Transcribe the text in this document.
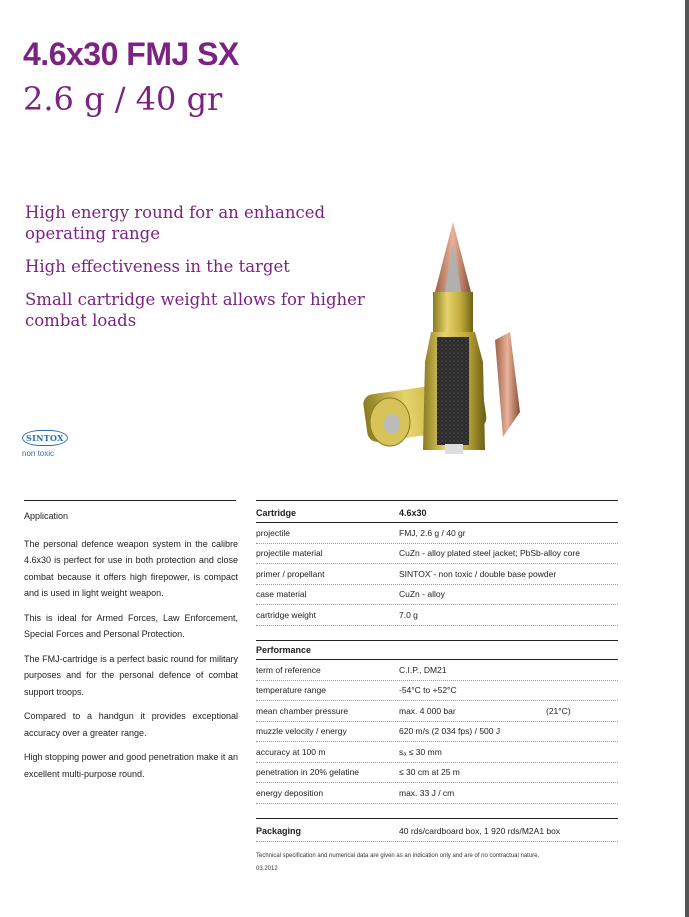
4.6x30 FMJ SX
2.6 g / 40 gr
High energy round for an enhanced operating range
High effectiveness in the target
Small cartridge weight allows for higher combat loads
SINTOX
non toxic
Application

The personal defence weapon system in the calibre 4.6x30 is perfect for use in both protection and close combat because it offers high firepower, is compact and is used in light weight weapon.

This is ideal for Armed Forces, Law Enforcement, Special Forces and Personal Protection.

The FMJ-cartridge is a perfect basic round for military purposes and for the personal defence of combat support troops.

Compared to a handgun it provides exceptional accuracy over a greater range.

High stopping power and good penetration make it an excellent multi-purpose round.

Cartridge	4.6x30
projectile	FMJ, 2.6 g / 40 gr
projectile material	CuZn - alloy plated steel jacket; PbSb-alloy core
primer / propellant	SINTOX´- non toxic / double base powder
case material	CuZn - alloy
cartridge weight	7.0 g
Performance
term of reference	C.I.P., DM21
temperature range	-54°C to +52°C
mean chamber pressure	max. 4 000 bar	(21°C)
muzzle velocity / energy	620 m/s (2 034 fps) / 500 J
accuracy at 100 m	sₐ ≤ 30 mm
penetration in 20% gelatine	≤ 30 cm at 25 m
energy deposition	max. 33 J / cm
Packaging	40 rds/cardboard box, 1 920 rds/M2A1 box
Technical specification and numerical data are given as an indication only and are of no contractual nature.
03.2012
